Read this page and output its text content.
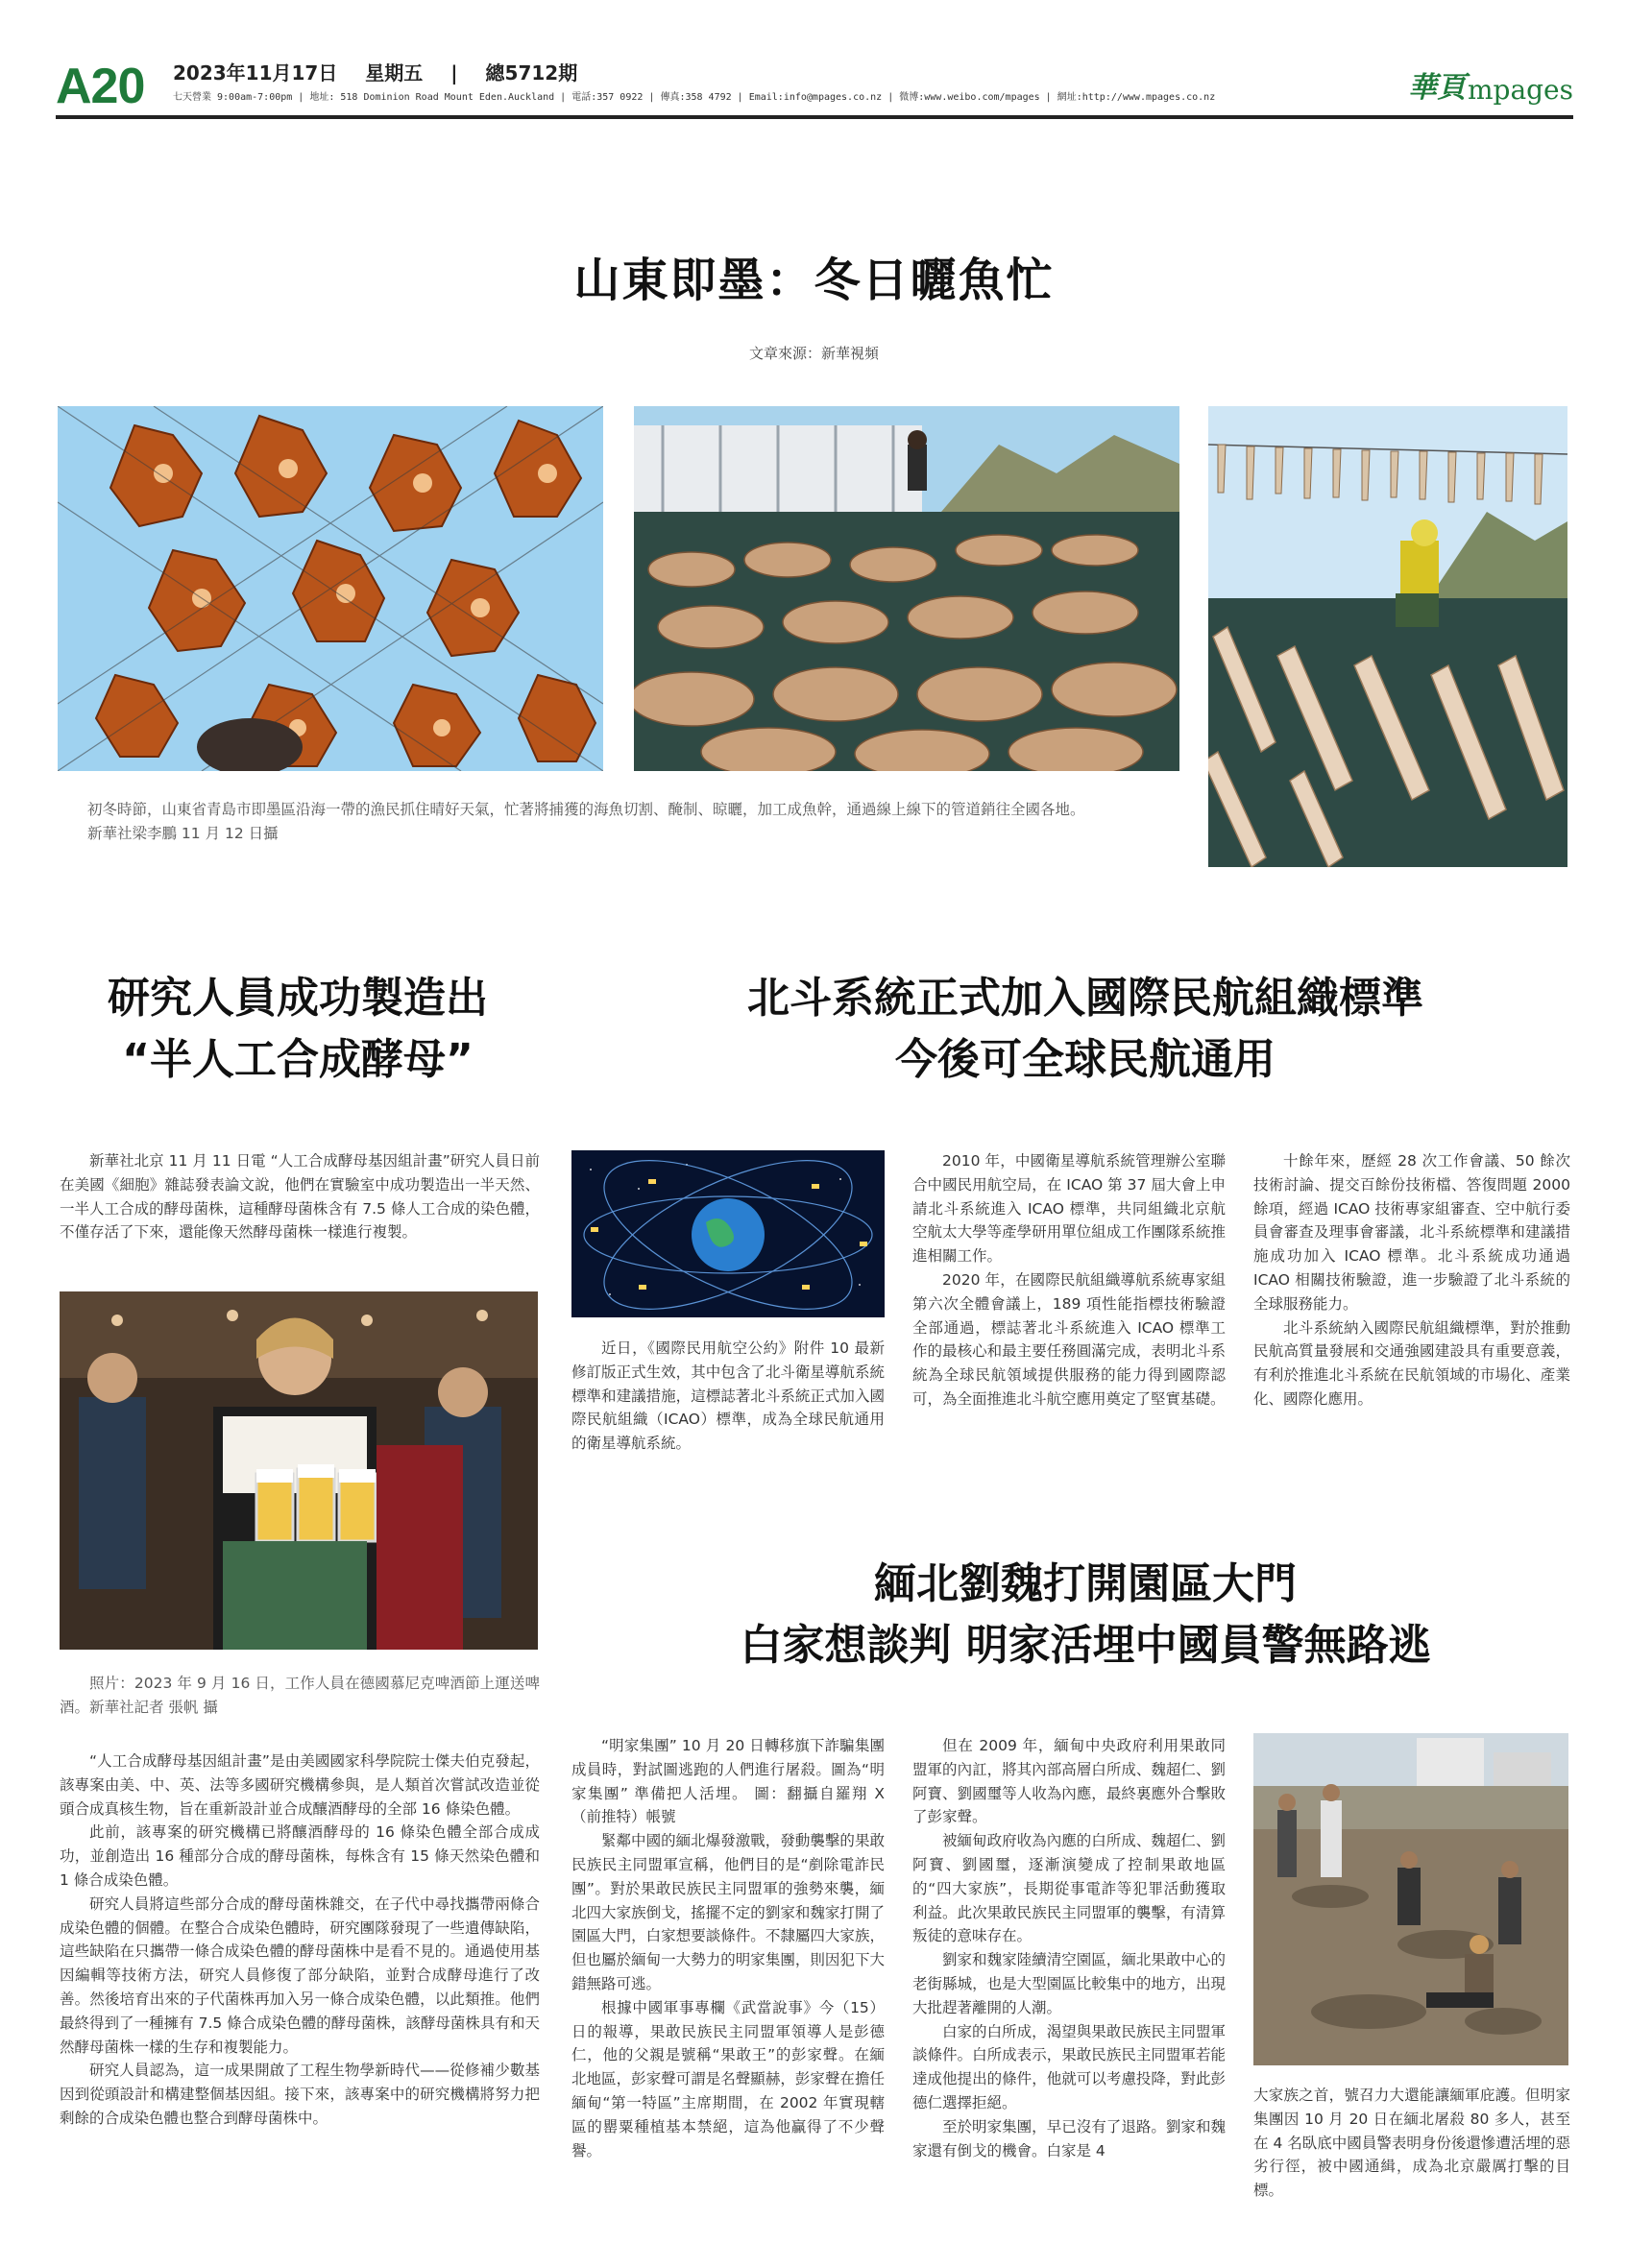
A20 2023年11月17日 星期五 | 總5712期
七天營業 9:00am-7:00pm | 地址: 518 Dominion Road Mount Eden.Auckland | 電話:357 0922 | 傳真:358 4792 | Email:info@mpages.co.nz | 微博:www.weibo.com/mpages | 網址:http://www.mpages.co.nz	華頁 mpages
山東即墨：冬日曬魚忙
文章來源：新華視頻

初冬時節，山東省青島市即墨區沿海一帶的漁民抓住晴好天氣，忙著將捕獲的海魚切割、醃制、晾曬，加工成魚幹，通過線上線下的管道銷往全國各地。

新華社梁李鵬 11 月 12 日攝

研究人員成功製造出
“半人工合成酵母”

新華社北京 11 月 11 日電 “人工合成酵母基因組計畫”研究人員日前在美國《細胞》雜誌發表論文說，他們在實驗室中成功製造出一半天然、一半人工合成的酵母菌株，這種酵母菌株含有 7.5 條人工合成的染色體，不僅存活了下來，還能像天然酵母菌株一樣進行複製。

照片：2023 年 9 月 16 日，工作人員在德國慕尼克啤酒節上運送啤酒。新華社記者 張帆 攝

“人工合成酵母基因組計畫”是由美國國家科學院院士傑夫伯克發起，該專案由美、中、英、法等多國研究機構參與，是人類首次嘗試改造並從頭合成真核生物，旨在重新設計並合成釀酒酵母的全部 16 條染色體。

此前，該專案的研究機構已將釀酒酵母的 16 條染色體全部合成成功，並創造出 16 種部分合成的酵母菌株，每株含有 15 條天然染色體和 1 條合成染色體。

研究人員將這些部分合成的酵母菌株雜交，在子代中尋找攜帶兩條合成染色體的個體。在整合合成染色體時，研究團隊發現了一些遺傳缺陷，這些缺陷在只攜帶一條合成染色體的酵母菌株中是看不見的。通過使用基因編輯等技術方法，研究人員修復了部分缺陷，並對合成酵母進行了改善。然後培育出來的子代菌株再加入另一條合成染色體，以此類推。他們最終得到了一種擁有 7.5 條合成染色體的酵母菌株，該酵母菌株具有和天然酵母菌株一樣的生存和複製能力。

研究人員認為，這一成果開啟了工程生物學新時代——從修補少數基因到從頭設計和構建整個基因組。接下來，該專案中的研究機構將努力把剩餘的合成染色體也整合到酵母菌株中。

北斗系統正式加入國際民航組織標準
今後可全球民航通用

近日，《國際民用航空公約》附件 10 最新修訂版正式生效，其中包含了北斗衛星導航系統標準和建議措施，這標誌著北斗系統正式加入國際民航組織（ICAO）標準，成為全球民航通用的衛星導航系統。

2010 年，中國衛星導航系統管理辦公室聯合中國民用航空局，在 ICAO 第 37 屆大會上申請北斗系統進入 ICAO 標準，共同組織北京航空航太大學等產學研用單位組成工作團隊系統推進相關工作。

2020 年，在國際民航組織導航系統專家組第六次全體會議上，189 項性能指標技術驗證全部通過，標誌著北斗系統進入 ICAO 標準工作的最核心和最主要任務圓滿完成，表明北斗系統為全球民航領域提供服務的能力得到國際認可，為全面推進北斗航空應用奠定了堅實基礎。

十餘年來，歷經 28 次工作會議、50 餘次技術討論、提交百餘份技術檔、答復問題 2000 餘項，經過 ICAO 技術專家組審查、空中航行委員會審查及理事會審議，北斗系統標準和建議措施成功加入 ICAO 標準。北斗系統成功通過 ICAO 相關技術驗證，進一步驗證了北斗系統的全球服務能力。

北斗系統納入國際民航組織標準，對於推動民航高質量發展和交通強國建設具有重要意義，有利於推進北斗系統在民航領域的市場化、產業化、國際化應用。

緬北劉魏打開園區大門
白家想談判 明家活埋中國員警無路逃

“明家集團” 10 月 20 日轉移旗下詐騙集團成員時，對試圖逃跑的人們進行屠殺。圖為“明家集團” 準備把人活埋。 圖：翻攝自羅翔 X（前推特）帳號

緊鄰中國的緬北爆發激戰，發動襲擊的果敢民族民主同盟軍宣稱，他們目的是“剷除電詐民團”。對於果敢民族民主同盟軍的強勢來襲，緬北四大家族倒戈，搖擺不定的劉家和魏家打開了園區大門，白家想要談條件。不隸屬四大家族，但也屬於緬甸一大勢力的明家集團，則因犯下大錯無路可逃。

根據中國軍事專欄《武當說事》今（15）日的報導，果敢民族民主同盟軍領導人是彭德仁，他的父親是號稱“果敢王”的彭家聲。在緬北地區，彭家聲可謂是名聲顯赫，彭家聲在擔任緬甸“第一特區”主席期間，在 2002 年實現轄區的罌粟種植基本禁絕，這為他贏得了不少聲譽。

但在 2009 年，緬甸中央政府利用果敢同盟軍的內訌，將其內部高層白所成、魏超仁、劉阿寶、劉國璽等人收為內應，最終裏應外合擊敗了彭家聲。

被緬甸政府收為內應的白所成、魏超仁、劉阿寶、劉國璽，逐漸演變成了控制果敢地區的“四大家族”，長期從事電詐等犯罪活動獲取利益。此次果敢民族民主同盟軍的襲擊，有清算叛徒的意味存在。

劉家和魏家陸續清空園區，緬北果敢中心的老街縣城，也是大型園區比較集中的地方，出現大批趕著離開的人潮。

白家的白所成，渴望與果敢民族民主同盟軍談條件。白所成表示，果敢民族民主同盟軍若能達成他提出的條件，他就可以考慮投降，對此彭德仁選擇拒絕。

至於明家集團，早已沒有了退路。劉家和魏家還有倒戈的機會。白家是 4

大家族之首，號召力大還能讓緬軍庇護。但明家集團因 10 月 20 日在緬北屠殺 80 多人，甚至在 4 名臥底中國員警表明身份後還慘遭活埋的惡劣行徑，被中國通緝，成為北京嚴厲打擊的目標。
